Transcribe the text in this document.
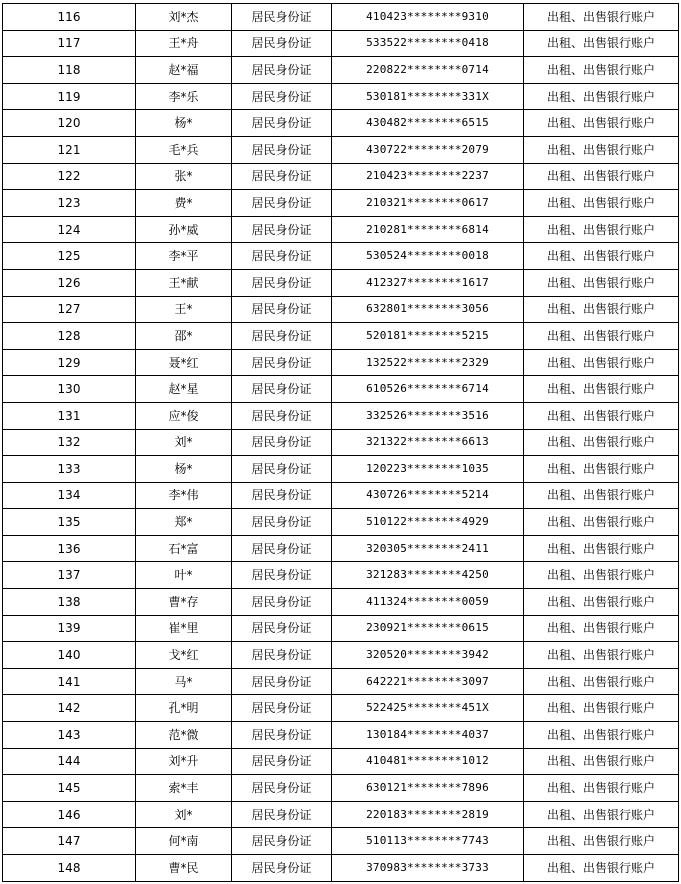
116	刘*杰	居民身份证	410423********9310	出租、出售银行账户
117	王*舟	居民身份证	533522********0418	出租、出售银行账户
118	赵*福	居民身份证	220822********0714	出租、出售银行账户
119	李*乐	居民身份证	530181********331X	出租、出售银行账户
120	杨*	居民身份证	430482********6515	出租、出售银行账户
121	毛*兵	居民身份证	430722********2079	出租、出售银行账户
122	张*	居民身份证	210423********2237	出租、出售银行账户
123	费*	居民身份证	210321********0617	出租、出售银行账户
124	孙*威	居民身份证	210281********6814	出租、出售银行账户
125	李*平	居民身份证	530524********0018	出租、出售银行账户
126	王*献	居民身份证	412327********1617	出租、出售银行账户
127	王*	居民身份证	632801********3056	出租、出售银行账户
128	邵*	居民身份证	520181********5215	出租、出售银行账户
129	聂*红	居民身份证	132522********2329	出租、出售银行账户
130	赵*星	居民身份证	610526********6714	出租、出售银行账户
131	应*俊	居民身份证	332526********3516	出租、出售银行账户
132	刘*	居民身份证	321322********6613	出租、出售银行账户
133	杨*	居民身份证	120223********1035	出租、出售银行账户
134	李*伟	居民身份证	430726********5214	出租、出售银行账户
135	郑*	居民身份证	510122********4929	出租、出售银行账户
136	石*富	居民身份证	320305********2411	出租、出售银行账户
137	叶*	居民身份证	321283********4250	出租、出售银行账户
138	曹*存	居民身份证	411324********0059	出租、出售银行账户
139	崔*里	居民身份证	230921********0615	出租、出售银行账户
140	戈*红	居民身份证	320520********3942	出租、出售银行账户
141	马*	居民身份证	642221********3097	出租、出售银行账户
142	孔*明	居民身份证	522425********451X	出租、出售银行账户
143	范*微	居民身份证	130184********4037	出租、出售银行账户
144	刘*升	居民身份证	410481********1012	出租、出售银行账户
145	索*丰	居民身份证	630121********7896	出租、出售银行账户
146	刘*	居民身份证	220183********2819	出租、出售银行账户
147	何*南	居民身份证	510113********7743	出租、出售银行账户
148	曹*民	居民身份证	370983********3733	出租、出售银行账户
